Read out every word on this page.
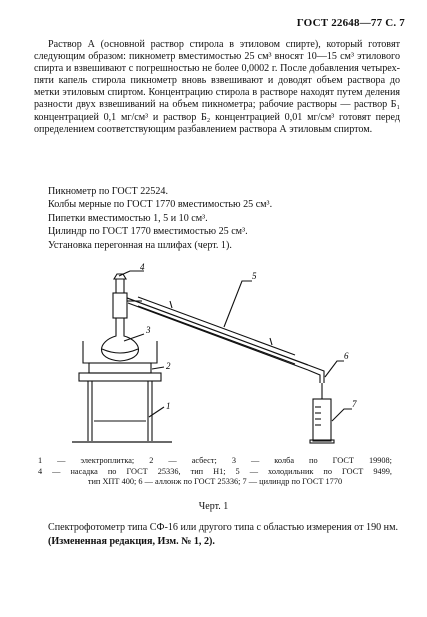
ГОСТ 22648—77 С. 7

Раствор А (основной раствор стирола в этиловом спирте), который готовят следующим образом: пикнометр вместимостью 25 см³ вносят 10—15 см³ этилового спирта и взвешивают с погрешностью не более 0,0002 г. После добавления четырех-пяти капель стирола пикнометр вновь взвешивают и доводят объем раствора до метки этиловым спиртом. Концентрацию стирола в растворе находят путем деления разности двух взвешиваний на объем пикнометра; рабочие растворы — раствор Б₁ концентрацией 0,1 мг/см³ и раствор Б₂ концентрацией 0,01 мг/см³ готовят перед определением соответствующим разбавлением раствора А этиловым спиртом.

Пикнометр по ГОСТ 22524.

Колбы мерные по ГОСТ 1770 вместимостью 25 см³.

Пипетки вместимостью 1, 5 и 10 см³.

Цилиндр по ГОСТ 1770 вместимостью 25 см³.

Установка перегонная на шлифах (черт. 1).

4
3
2
1
5
6
7
1 — электроплитка; 2 — асбест; 3 — колба по ГОСТ 19908;
4 — насадка по ГОСТ 25336, тип Н1; 5 — холодильник по ГОСТ 9499,
тип ХПТ 400; 6 — аллонж по ГОСТ 25336; 7 — цилиндр по ГОСТ 1770
Черт. 1

Спектрофотометр типа СФ-16 или другого типа с областью измерения от 190 нм.

(Измененная редакция, Изм. № 1, 2).
